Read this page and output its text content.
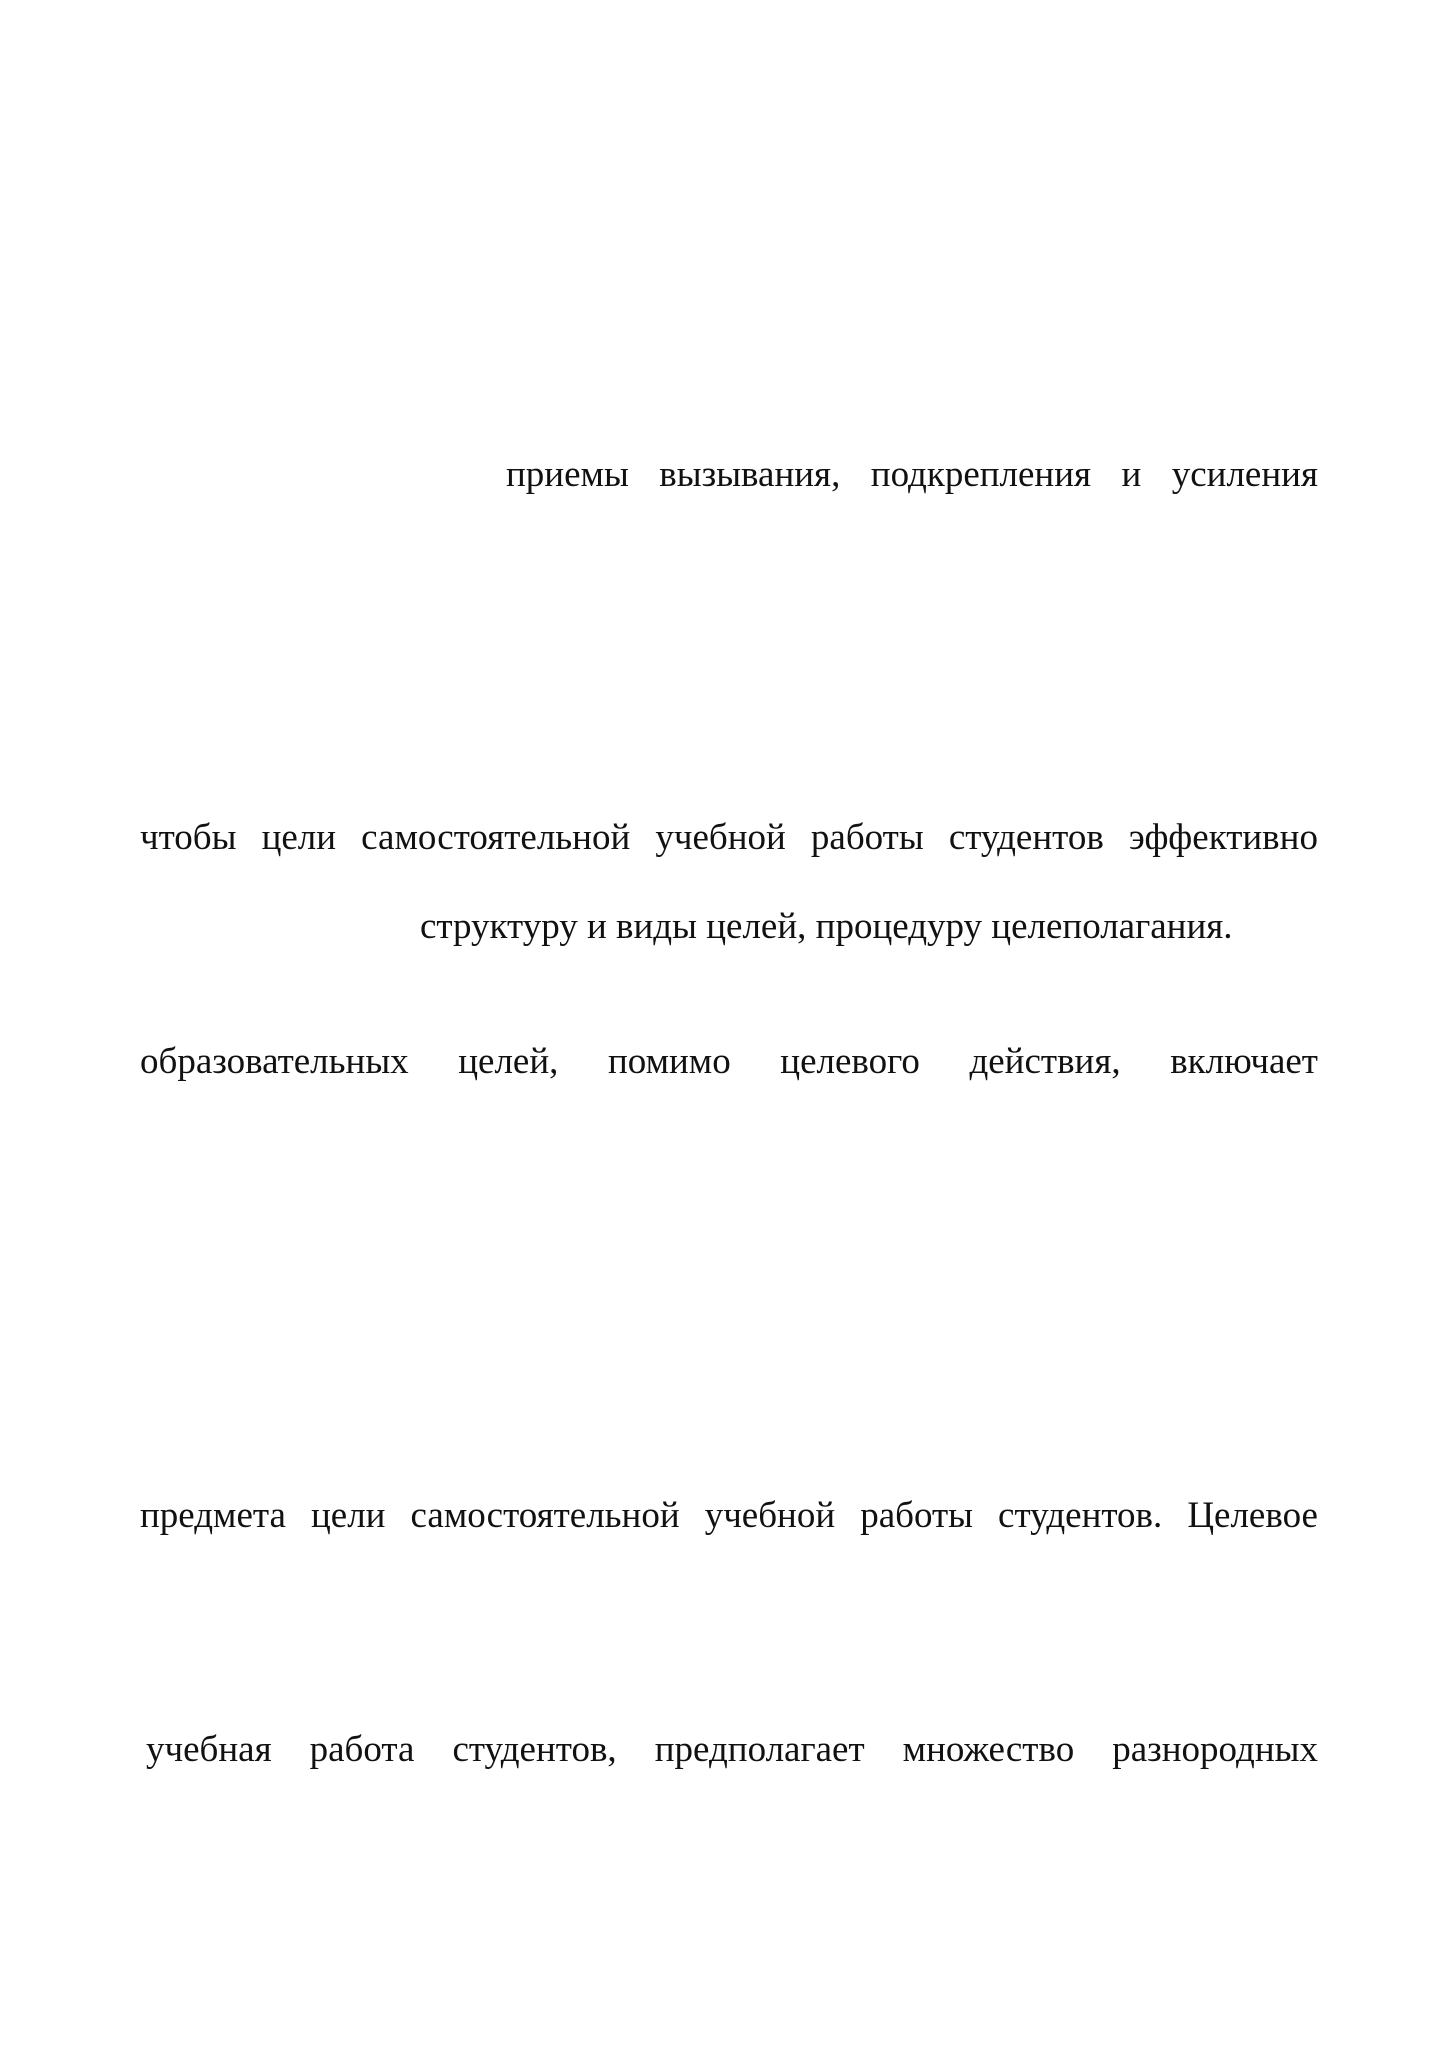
приемы вызывания, подкрепления и усиления
чтобы цели самостоятельной учебной работы студентов эффективно
структуру и виды целей, процедуру целеполагания.
образовательных целей, помимо целевого действия, включает
предмета цели самостоятельной учебной работы студентов. Целевое
учебная работа студентов, предполагает множество разнородных
